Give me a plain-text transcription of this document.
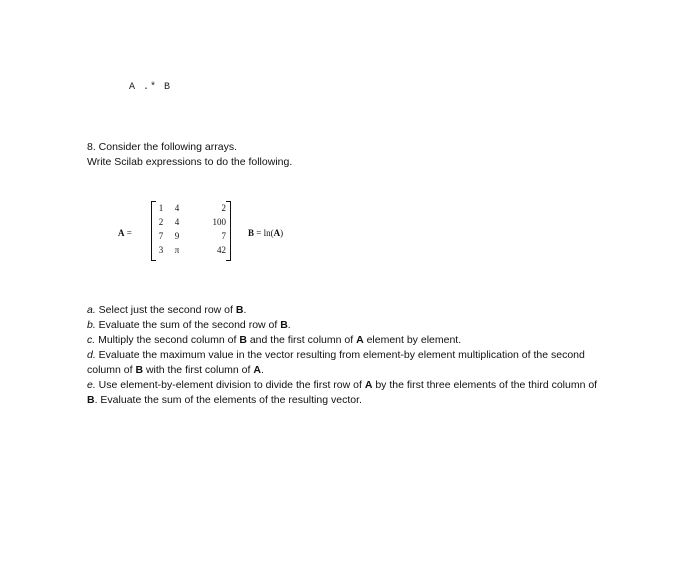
A .* B
8. Consider the following arrays.
Write Scilab expressions to do the following.
A =
1	4	2
2	4	100
7	9	7
3	π	42
B = ln(A)
a. Select just the second row of B.
b. Evaluate the sum of the second row of B.
c. Multiply the second column of B and the first column of A element by element.
d. Evaluate the maximum value in the vector resulting from element-by element multiplication of the second column of B with the first column of A.
e. Use element-by-element division to divide the first row of A by the first three elements of the third column of B. Evaluate the sum of the elements of the resulting vector.
